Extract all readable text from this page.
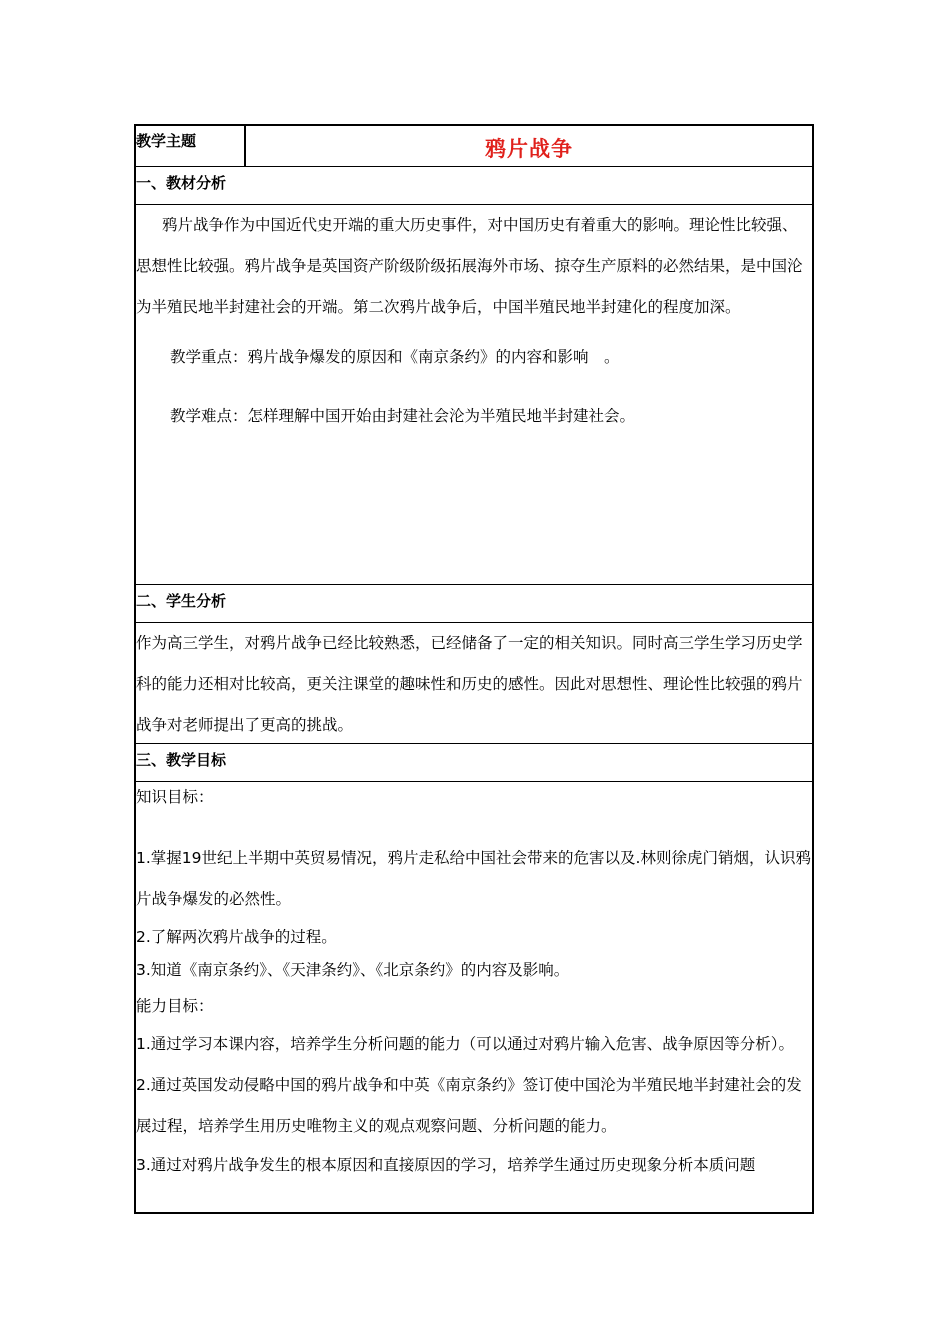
教学主题	鸦片战争
一、教材分析

鸦片战争作为中国近代史开端的重大历史事件，对中国历史有着重大的影响。理论性比较强、思想性比较强。鸦片战争是英国资产阶级阶级拓展海外市场、掠夺生产原料的必然结果，是中国沦为半殖民地半封建社会的开端。第二次鸦片战争后，中国半殖民地半封建化的程度加深。

教学重点：鸦片战争爆发的原因和《南京条约》的内容和影响　。

教学难点：怎样理解中国开始由封建社会沦为半殖民地半封建社会。

二、学生分析

作为高三学生，对鸦片战争已经比较熟悉，已经储备了一定的相关知识。同时高三学生学习历史学科的能力还相对比较高，更关注课堂的趣味性和历史的感性。因此对思想性、理论性比较强的鸦片战争对老师提出了更高的挑战。

三、教学目标

知识目标：

1.掌握19世纪上半期中英贸易情况，鸦片走私给中国社会带来的危害以及.林则徐虎门销烟，认识鸦片战争爆发的必然性。

2.了解两次鸦片战争的过程。

3.知道《南京条约》、《天津条约》、《北京条约》的内容及影响。

能力目标：

1.通过学习本课内容，培养学生分析问题的能力（可以通过对鸦片输入危害、战争原因等分析）。

2.通过英国发动侵略中国的鸦片战争和中英《南京条约》签订使中国沦为半殖民地半封建社会的发展过程，培养学生用历史唯物主义的观点观察问题、分析问题的能力。

3.通过对鸦片战争发生的根本原因和直接原因的学习，培养学生通过历史现象分析本质问题
